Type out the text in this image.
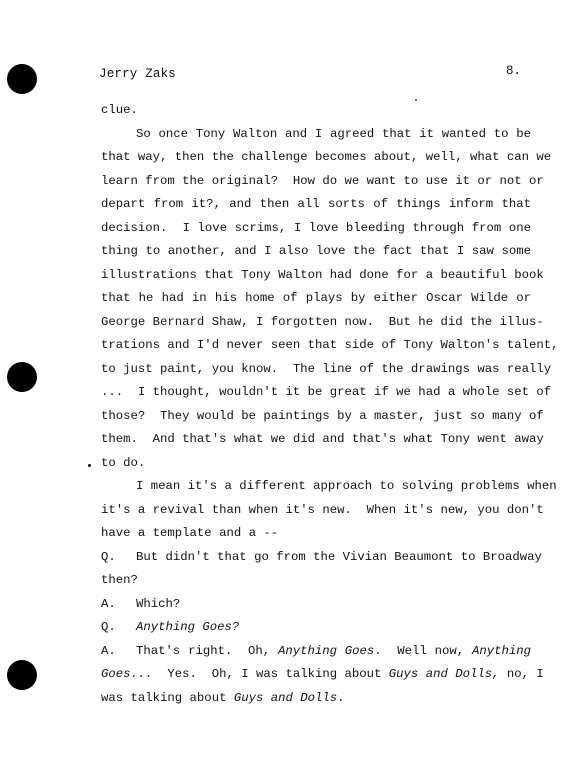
Jerry Zaks	8.
clue.
So once Tony Walton and I agreed that it wanted to be
that way, then the challenge becomes about, well, what can we
learn from the original?  How do we want to use it or not or
depart from it?, and then all sorts of things inform that
decision.  I love scrims, I love bleeding through from one
thing to another, and I also love the fact that I saw some
illustrations that Tony Walton had done for a beautiful book
that he had in his home of plays by either Oscar Wilde or
George Bernard Shaw, I forgotten now.  But he did the illus-
trations and I'd never seen that side of Tony Walton's talent,
to just paint, you know.  The line of the drawings was really
...  I thought, wouldn't it be great if we had a whole set of
those?  They would be paintings by a master, just so many of
them.  And that's what we did and that's what Tony went away
to do.
I mean it's a different approach to solving problems when
it's a revival than when it's new.  When it's new, you don't
have a template and a --
Q. But didn't that go from the Vivian Beaumont to Broadway
then?
A. Which?
Q. Anything Goes?
A. That's right.  Oh, Anything Goes.  Well now, Anything
Goes...  Yes.  Oh, I was talking about Guys and Dolls, no, I
was talking about Guys and Dolls.
